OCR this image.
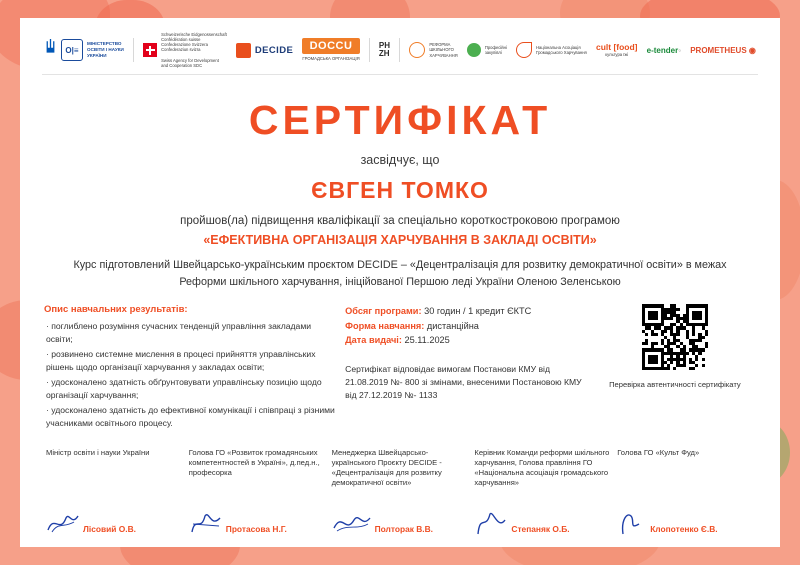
О|≡
МІНІСТЕРСТВО
ОСВІТИ І НАУКИ
УКРАЇНИ
Schweizerische Eidgenossenschaft
Confédération suisse
Confederazione Svizzera
Confederaziun svizra

Swiss Agency for Development
and Cooperation SDC
DECIDE	DOCCU
ГРОМАДСЬКА ОРГАНІЗАЦІЯ
PH
ZH
РЕФОРМА
ШКІЛЬНОГО
ХАРЧУВАННЯ
Професійні
закупівлі
Національна Асоціація
Громадського Харчування
cult [food]
культура їжі
e-tender◦ PROMETHEUS ◉
СЕРТИФІКАТ
засвідчує, що
ЄВГЕН ТОМКО
пройшов(ла) підвищення кваліфікації за спеціально короткостроковою програмою
«ЕФЕКТИВНА ОРГАНІЗАЦІЯ ХАРЧУВАННЯ В ЗАКЛАДІ ОСВІТИ»
Курс підготовлений Швейцарсько-українським проєктом DECIDE – «Децентралізація для розвитку демократичної освіти» в межах Реформи шкільного харчування, ініційованої Першою леді України Оленою Зеленською
Опис навчальних результатів:
· поглиблено розуміння сучасних тенденцій управління закладами освіти;
· розвинено системне мислення в процесі прийняття управлінських рішень щодо організації харчування у закладах освіти;
· удосконалено здатність обґрунтовувати управлінську позицію щодо організації харчування;
· удосконалено здатність до ефективної комунікації і співпраці з різними учасниками освітнього процесу.
Обсяг програми: 30 годин / 1 кредит ЄКТС
Форма навчання: дистанційна
Дата видачі: 25.11.2025
Сертифікат відповідає вимогам Постанови КМУ від 21.08.2019 №- 800 зі змінами, внесеними Постановою КМУ від 27.12.2019 №- 1133
Перевірка автентичності сертифікату
Міністр освіти і науки України
Лісовий О.В.
Голова ГО «Розвиток громадянських компетентностей в Україні», д.пед.н., професорка
Протасова Н.Г.
Менеджерка Швейцарсько-українського Проєкту DECIDE - «Децентралізація для розвитку демократичної освіти»
Полторак В.В.
Керівник Команди реформи шкільного харчування, Голова правління ГО «Національна асоціація громадського харчування»
Степаняк О.Б.
Голова ГО «Культ Фуд»
Клопотенко Є.В.
